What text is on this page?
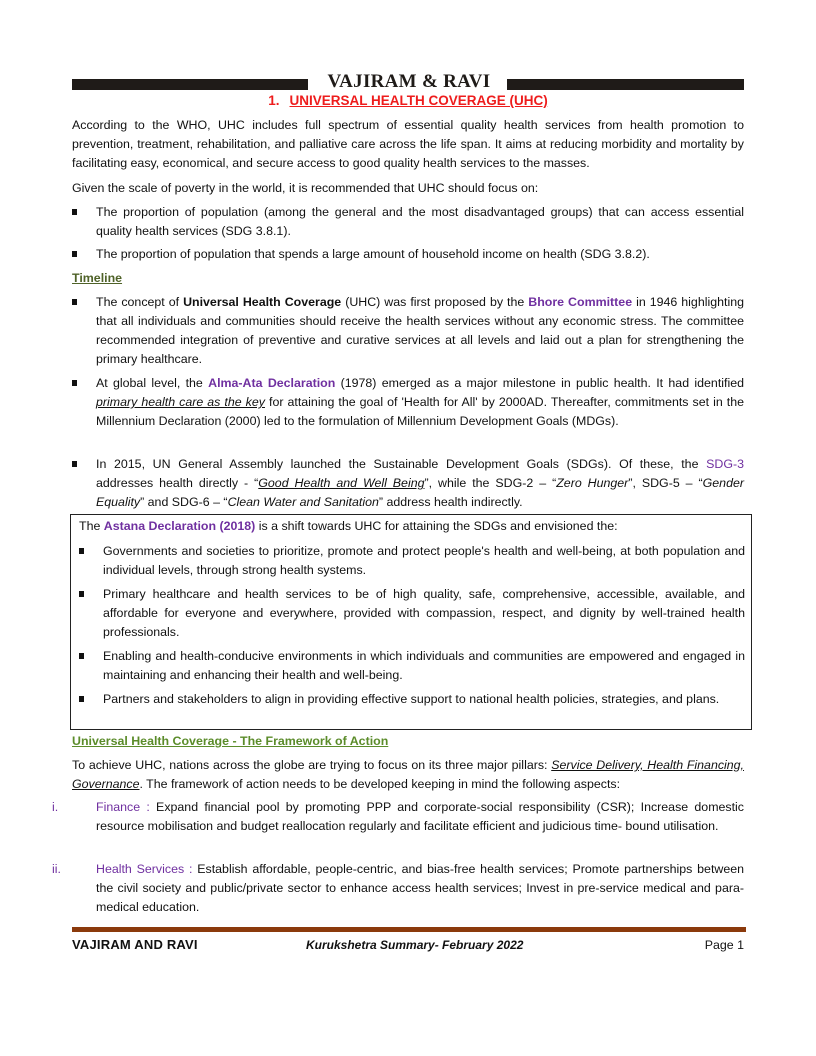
VAJIRAM & RAVI
1. UNIVERSAL HEALTH COVERAGE (UHC)

According to the WHO, UHC includes full spectrum of essential quality health services from health promotion to prevention, treatment, rehabilitation, and palliative care across the life span. It aims at reducing morbidity and mortality by facilitating easy, economical, and secure access to good quality health services to the masses.

Given the scale of poverty in the world, it is recommended that UHC should focus on:

The proportion of population (among the general and the most disadvantaged groups) that can access essential quality health services (SDG 3.8.1).

The proportion of population that spends a large amount of household income on health (SDG 3.8.2).

Timeline

The concept of Universal Health Coverage (UHC) was first proposed by the Bhore Committee in 1946 highlighting that all individuals and communities should receive the health services without any economic stress. The committee recommended integration of preventive and curative services at all levels and laid out a plan for strengthening the primary healthcare.

At global level, the Alma-Ata Declaration (1978) emerged as a major milestone in public health. It had identified primary health care as the key for attaining the goal of 'Health for All' by 2000AD. Thereafter, commitments set in the Millennium Declaration (2000) led to the formulation of Millennium Development Goals (MDGs).

In 2015, UN General Assembly launched the Sustainable Development Goals (SDGs). Of these, the SDG-3 addresses health directly - “Good Health and Well Being”, while the SDG-2 – “Zero Hunger”, SDG-5 – “Gender Equality” and SDG-6 – “Clean Water and Sanitation” address health indirectly.

The Astana Declaration (2018) is a shift towards UHC for attaining the SDGs and envisioned the:

Governments and societies to prioritize, promote and protect people's health and well-being, at both population and individual levels, through strong health systems.

Primary healthcare and health services to be of high quality, safe, comprehensive, accessible, available, and affordable for everyone and everywhere, provided with compassion, respect, and dignity by well-trained health professionals.

Enabling and health-conducive environments in which individuals and communities are empowered and engaged in maintaining and enhancing their health and well-being.

Partners and stakeholders to align in providing effective support to national health policies, strategies, and plans.

Universal Health Coverage - The Framework of Action

To achieve UHC, nations across the globe are trying to focus on its three major pillars: Service Delivery, Health Financing, Governance. The framework of action needs to be developed keeping in mind the following aspects:

i.	Finance : Expand financial pool by promoting PPP and corporate-social responsibility (CSR); Increase domestic resource mobilisation and budget reallocation regularly and facilitate efficient and judicious time- bound utilisation.

ii.	Health Services : Establish affordable, people-centric, and bias-free health services; Promote partnerships between the civil society and public/private sector to enhance access health services; Invest in pre-service medical and para- medical education.

VAJIRAM AND RAVI	Kurukshetra Summary- February 2022	Page 1
